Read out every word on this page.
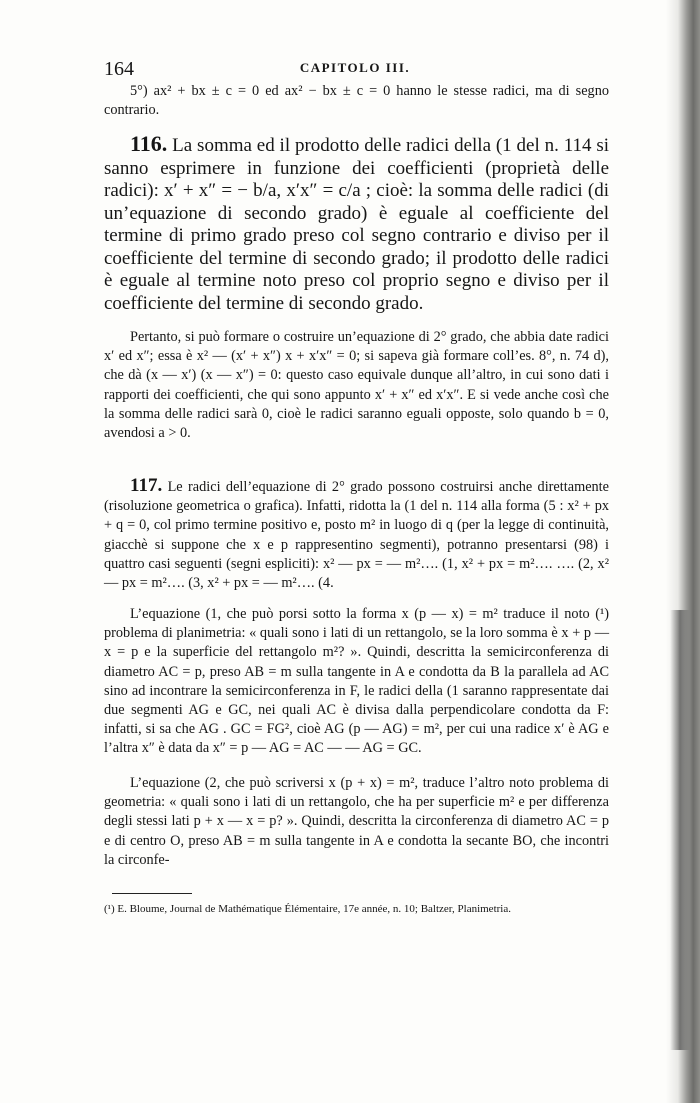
164	CAPITOLO III.

5°) ax² + bx ± c = 0 ed ax² − bx ± c = 0 hanno le stesse radici, ma di segno contrario.

116. La somma ed il prodotto delle radici della (1 del n. 114 si sanno esprimere in funzione dei coefficienti (proprietà delle radici): x′ + x″ = − b/a, x′x″ = c/a ; cioè: la somma delle radici (di un’equazione di secondo grado) è eguale al coefficiente del termine di primo grado preso col segno contrario e diviso per il coefficiente del termine di secondo grado; il prodotto delle radici è eguale al termine noto preso col proprio segno e diviso per il coefficiente del termine di secondo grado.

Pertanto, si può formare o costruire un’equazione di 2° grado, che abbia date radici x′ ed x″; essa è x² — (x′ + x″) x + x′x″ = 0; si sapeva già formare coll’es. 8°, n. 74 d), che dà (x — x′) (x — x″) = 0: questo caso equivale dunque all’altro, in cui sono dati i rapporti dei coefficienti, che qui sono appunto x′ + x″ ed x′x″. E si vede anche così che la somma delle radici sarà 0, cioè le radici saranno eguali opposte, solo quando b = 0, avendosi a > 0.

117. Le radici dell’equazione di 2° grado possono costruirsi anche direttamente (risoluzione geometrica o grafica). Infatti, ridotta la (1 del n. 114 alla forma (5 : x² + px + q = 0, col primo termine positivo e, posto m² in luogo di q (per la legge di continuità, giacchè si suppone che x e p rappresentino segmenti), potranno presentarsi (98) i quattro casi seguenti (segni espliciti): x² — px = — m²…. (1, x² + px = m²…. …. (2, x² — px = m²…. (3, x² + px = — m²…. (4.

L’equazione (1, che può porsi sotto la forma x (p — x) = m² traduce il noto (¹) problema di planimetria: « quali sono i lati di un rettangolo, se la loro somma è x + p — x = p e la superficie del rettangolo m²? ». Quindi, descritta la semicirconferenza di diametro AC = p, preso AB = m sulla tangente in A e condotta da B la parallela ad AC sino ad incontrare la semicirconferenza in F, le radici della (1 saranno rappresentate dai due segmenti AG e GC, nei quali AC è divisa dalla perpendicolare condotta da F: infatti, si sa che AG . GC = FG², cioè AG (p — AG) = m², per cui una radice x′ è AG e l’altra x″ è data da x″ = p — AG = AC — — AG = GC.

L’equazione (2, che può scriversi x (p + x) = m², traduce l’altro noto problema di geometria: « quali sono i lati di un rettangolo, che ha per superficie m² e per differenza degli stessi lati p + x — x = p? ». Quindi, descritta la circonferenza di diametro AC = p e di centro O, preso AB = m sulla tangente in A e condotta la secante BO, che incontri la circonfe-

(¹) E. Bloume, Journal de Mathématique Élémentaire, 17e année, n. 10; Baltzer, Planimetria.
